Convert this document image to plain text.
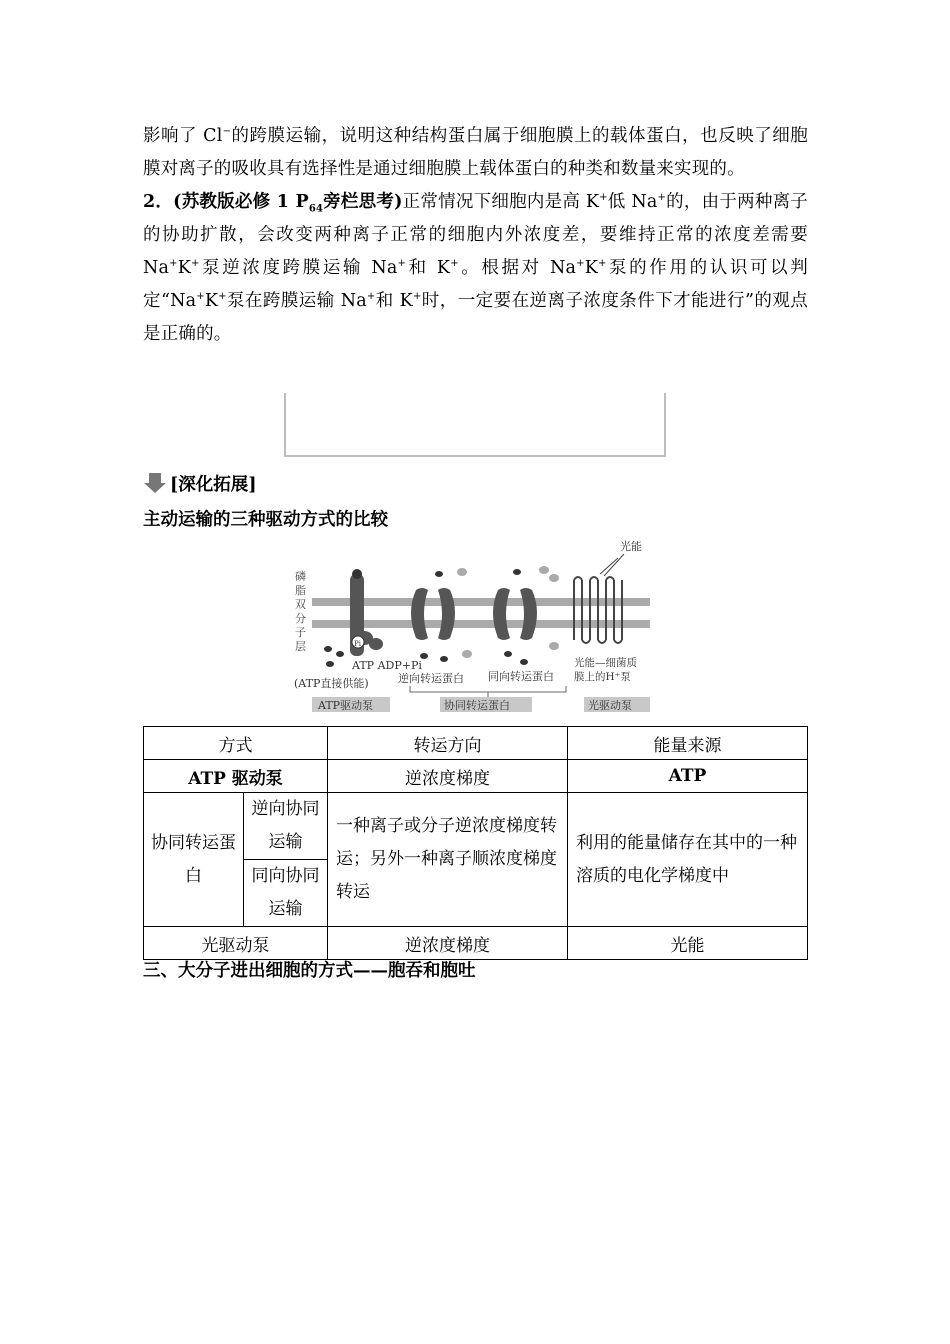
影响了 Cl−的跨膜运输，说明这种结构蛋白属于细胞膜上的载体蛋白，也反映了细胞膜对离子的吸收具有选择性是通过细胞膜上载体蛋白的种类和数量来实现的。

2．(苏教版必修 1 $P_{64}$旁栏思考)正常情况下细胞内是高 K+低 Na+的，由于两种离子的协助扩散，会改变两种离子正常的细胞内外浓度差，要维持正常的浓度差需要 Na+K+泵逆浓度跨膜运输 Na+和 K+。根据对 Na+K+泵的作用的认识可以判定“Na+K+泵在跨膜运输 Na+和 K+时，一定要在逆离子浓度条件下才能进行”的观点是正确的。

[深化拓展]
主动运输的三种驱动方式的比较
磷
脂
双
分
子
层	Pi
ATP ADP+Pi
(ATP直接供能)	逆向转运蛋白 同向转运蛋白
光能
光能—细菌质
膜上的H⁺泵
ATP驱动泵	协同转运蛋白	光驱动泵
方式		转运方向	能量来源
ATP 驱动泵		逆浓度梯度	ATP
协同转运蛋白	逆向协同运输	一种离子或分子逆浓度梯度转运；另外一种离子顺浓度梯度转运	利用的能量储存在其中的一种溶质的电化学梯度中
	同向协同运输		
光驱动泵		逆浓度梯度	光能
三、大分子进出细胞的方式——胞吞和胞吐
